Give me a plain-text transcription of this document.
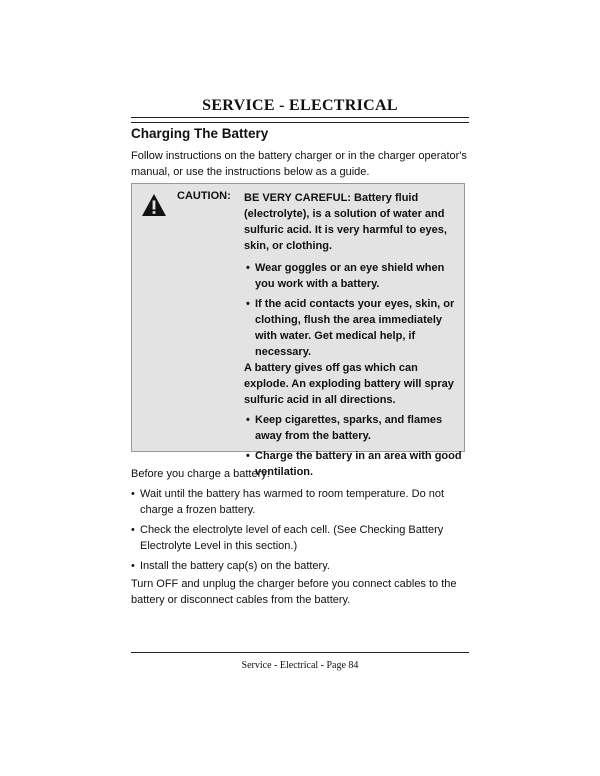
SERVICE - ELECTRICAL
Charging The Battery
Follow instructions on the battery charger or in the charger operator's manual, or use the instructions below as a guide.
CAUTION: BE VERY CAREFUL: Battery fluid (electrolyte), is a solution of water and sulfuric acid. It is very harmful to eyes, skin, or clothing.

• Wear goggles or an eye shield when you work with a battery.
• If the acid contacts your eyes, skin, or clothing, flush the area immediately with water. Get medical help, if necessary.

A battery gives off gas which can explode. An exploding battery will spray sulfuric acid in all directions.

• Keep cigarettes, sparks, and flames away from the battery.
• Charge the battery in an area with good ventilation.

Before you charge a battery:

• Wait until the battery has warmed to room temperature. Do not charge a frozen battery.
• Check the electrolyte level of each cell. (See Checking Battery Electrolyte Level in this section.)
• Install the battery cap(s) on the battery.
Turn OFF and unplug the charger before you connect cables to the battery or disconnect cables from the battery.
Service - Electrical - Page 84
